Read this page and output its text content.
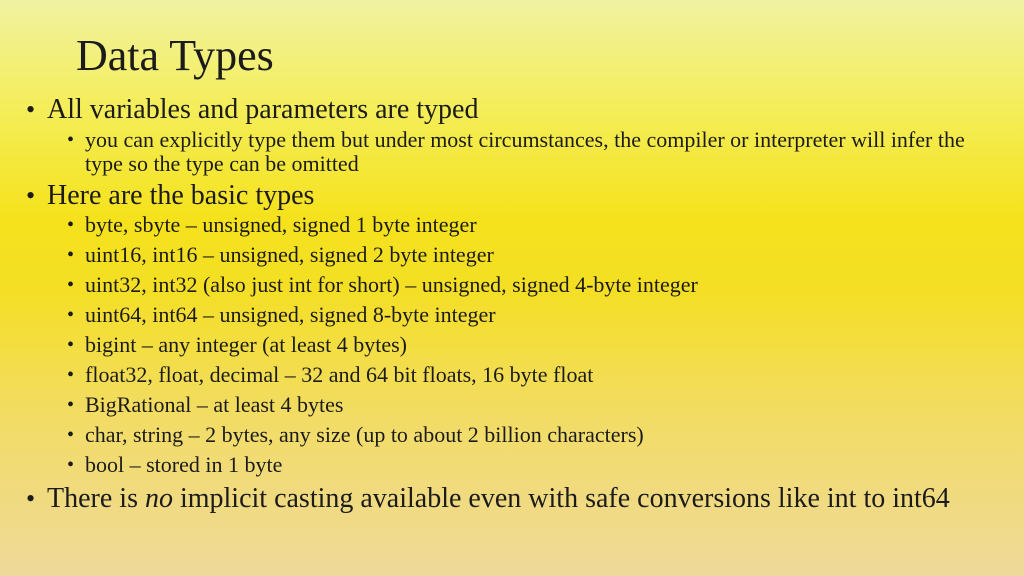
Data Types

• All variables and parameters are typed

• you can explicitly type them but under most circumstances, the compiler or interpreter will infer the type so the type can be omitted

• Here are the basic types

• byte, sbyte – unsigned, signed 1 byte integer

• uint16, int16 – unsigned, signed 2 byte integer

• uint32, int32 (also just int for short) – unsigned, signed 4-byte integer

• uint64, int64 – unsigned, signed 8-byte integer

• bigint – any integer (at least 4 bytes)

• float32, float, decimal – 32 and 64 bit floats, 16 byte float

• BigRational – at least 4 bytes

• char, string – 2 bytes, any size (up to about 2 billion characters)

• bool – stored in 1 byte

• There is no implicit casting available even with safe conversions like int to int64
